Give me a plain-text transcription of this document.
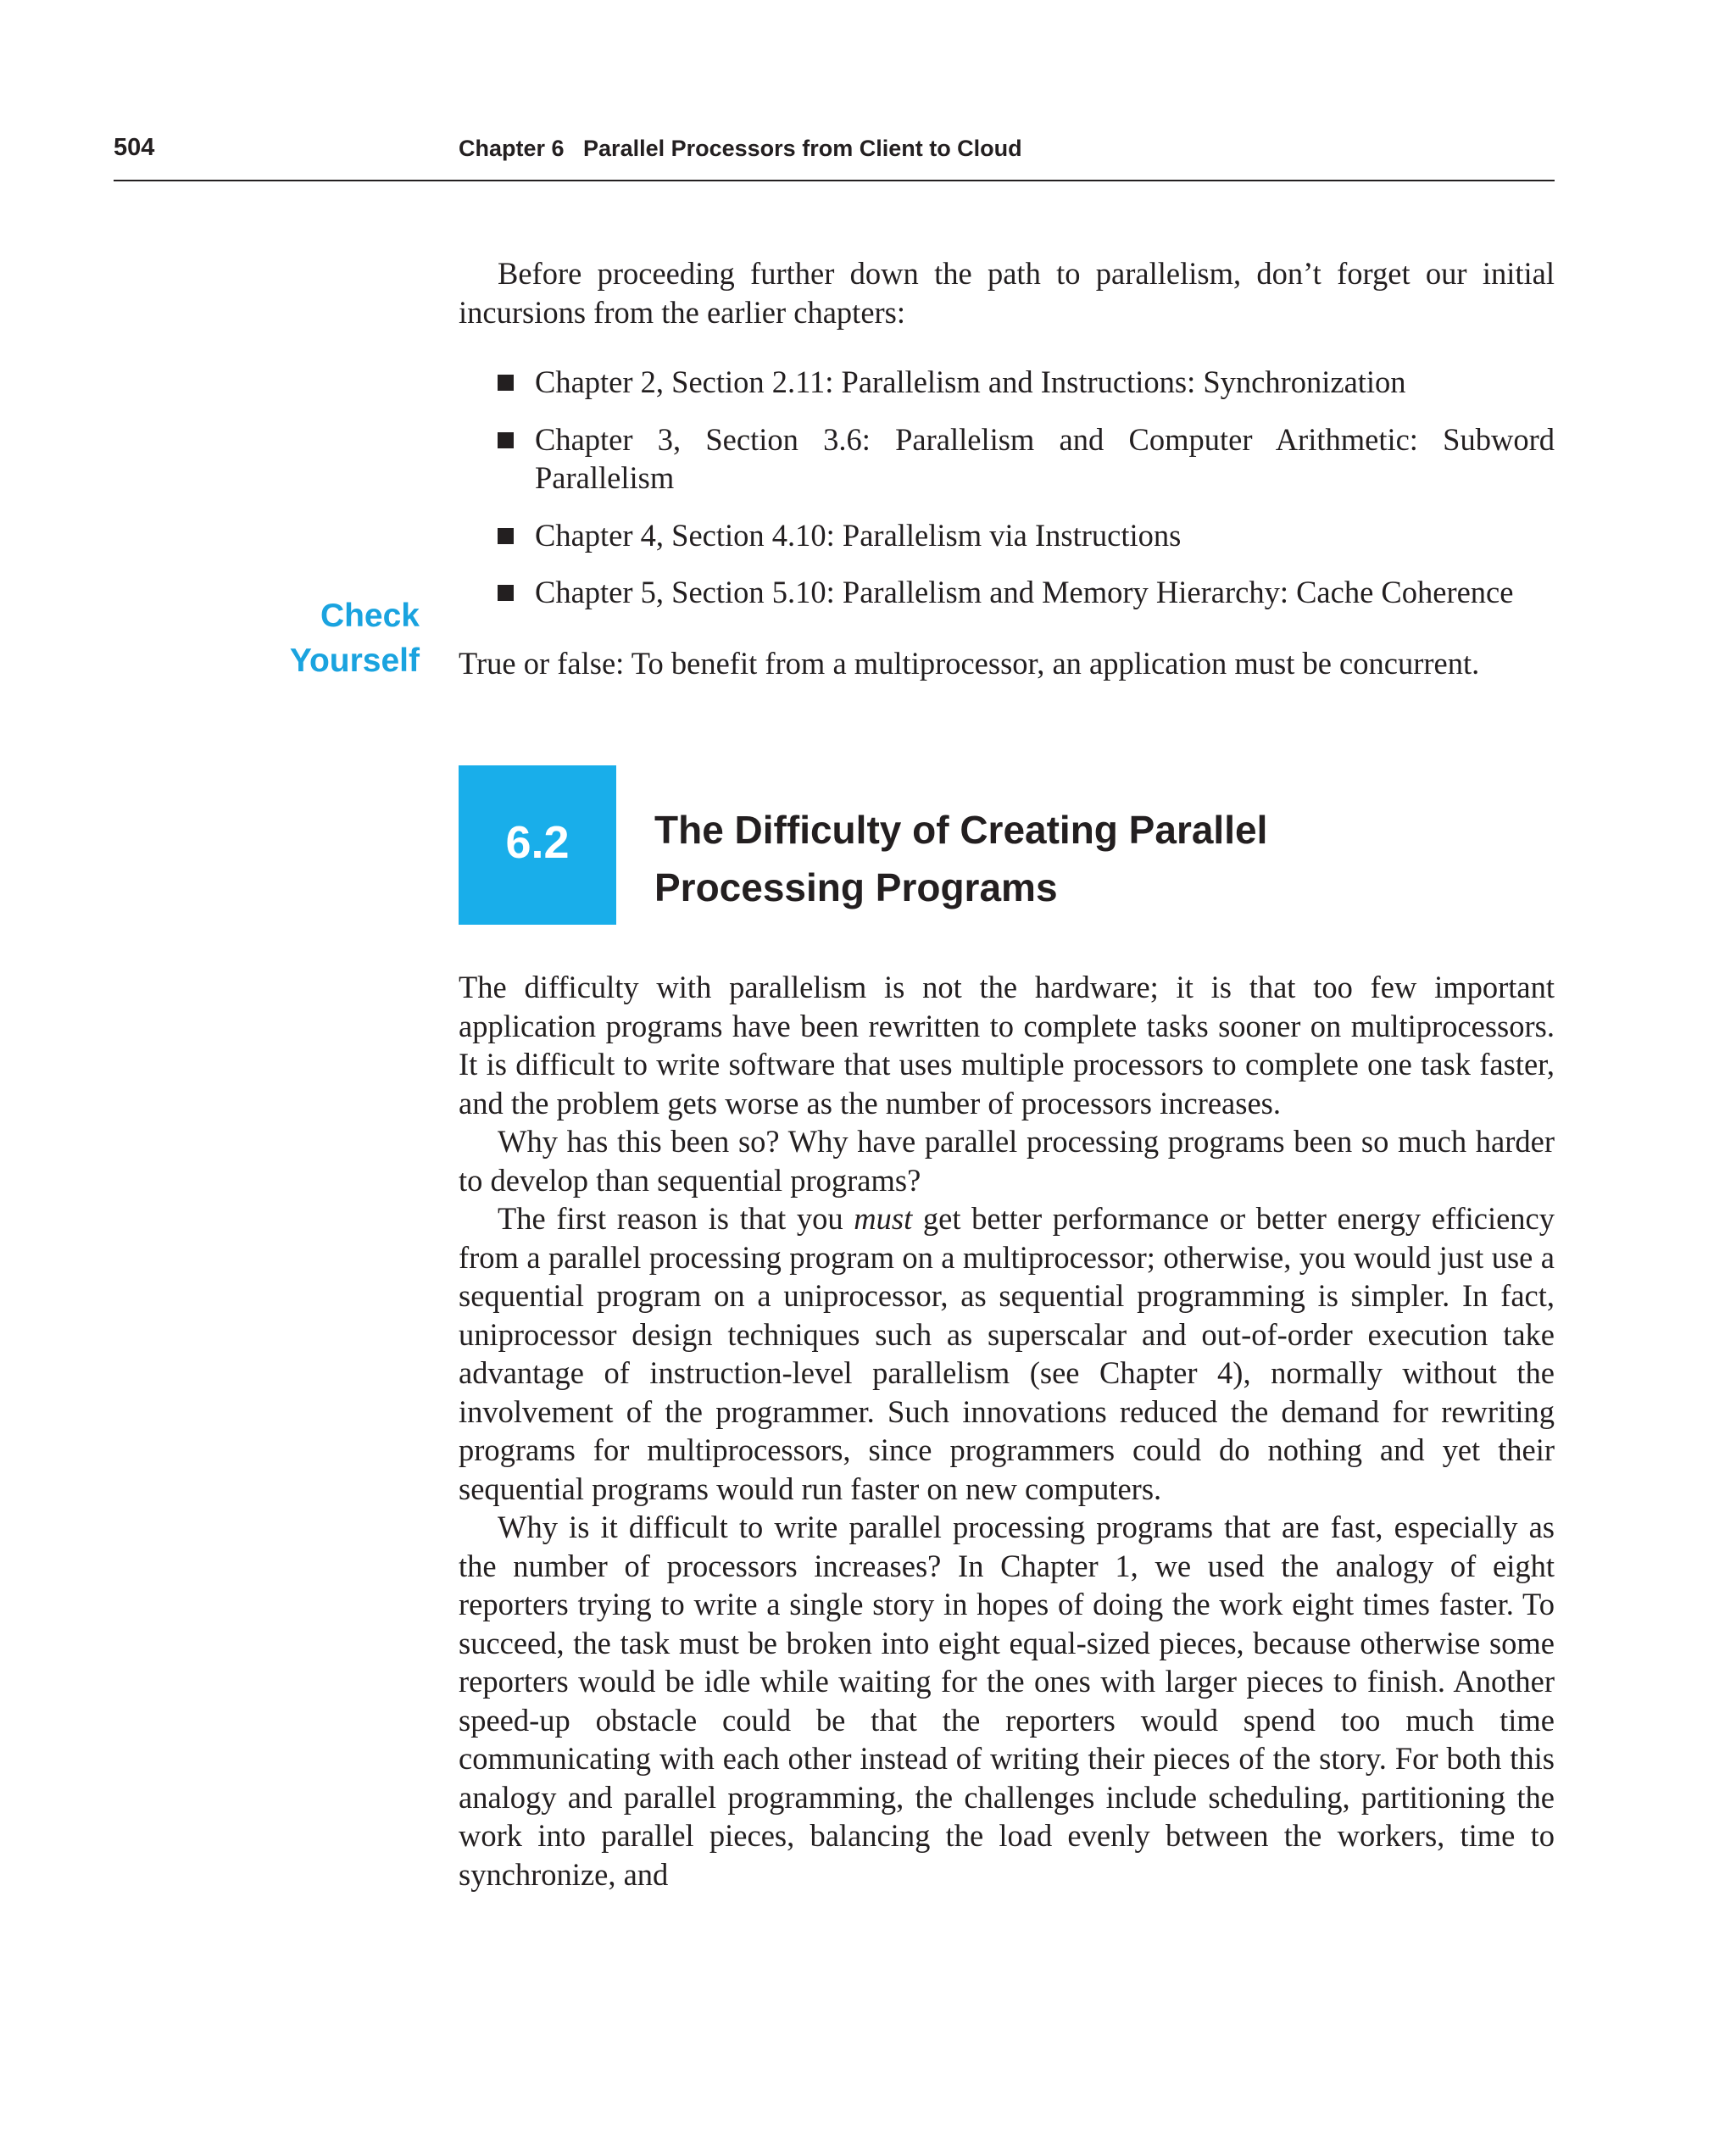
504	Chapter 6   Parallel Processors from Client to Cloud

Before proceeding further down the path to parallelism, don’t forget our initial incursions from the earlier chapters:

Chapter 2, Section 2.11: Parallelism and Instructions: Synchronization
Chapter 3, Section 3.6: Parallelism and Computer Arithmetic: Subword Parallelism
Chapter 4, Section 4.10: Parallelism via Instructions
Chapter 5, Section 5.10: Parallelism and Memory Hierarchy: Cache Coherence
Check
Yourself True or false: To benefit from a multiprocessor, an application must be concurrent.

6.2	The Difficulty of Creating Parallel
Processing Programs

The difficulty with parallelism is not the hardware; it is that too few important application programs have been rewritten to complete tasks sooner on multiprocessors. It is difficult to write software that uses multiple processors to complete one task faster, and the problem gets worse as the number of processors increases.

Why has this been so? Why have parallel processing programs been so much harder to develop than sequential programs?

The first reason is that you must get better performance or better energy efficiency from a parallel processing program on a multiprocessor; otherwise, you would just use a sequential program on a uniprocessor, as sequential programming is simpler. In fact, uniprocessor design techniques such as superscalar and out-of-order execution take advantage of instruction-level parallelism (see Chapter 4), normally without the involvement of the programmer. Such innovations reduced the demand for rewriting programs for multiprocessors, since programmers could do nothing and yet their sequential programs would run faster on new computers.

Why is it difficult to write parallel processing programs that are fast, especially as the number of processors increases? In Chapter 1, we used the analogy of eight reporters trying to write a single story in hopes of doing the work eight times faster. To succeed, the task must be broken into eight equal-sized pieces, because otherwise some reporters would be idle while waiting for the ones with larger pieces to finish. Another speed-up obstacle could be that the reporters would spend too much time communicating with each other instead of writing their pieces of the story. For both this analogy and parallel programming, the challenges include scheduling, partitioning the work into parallel pieces, balancing the load evenly between the workers, time to synchronize, and
